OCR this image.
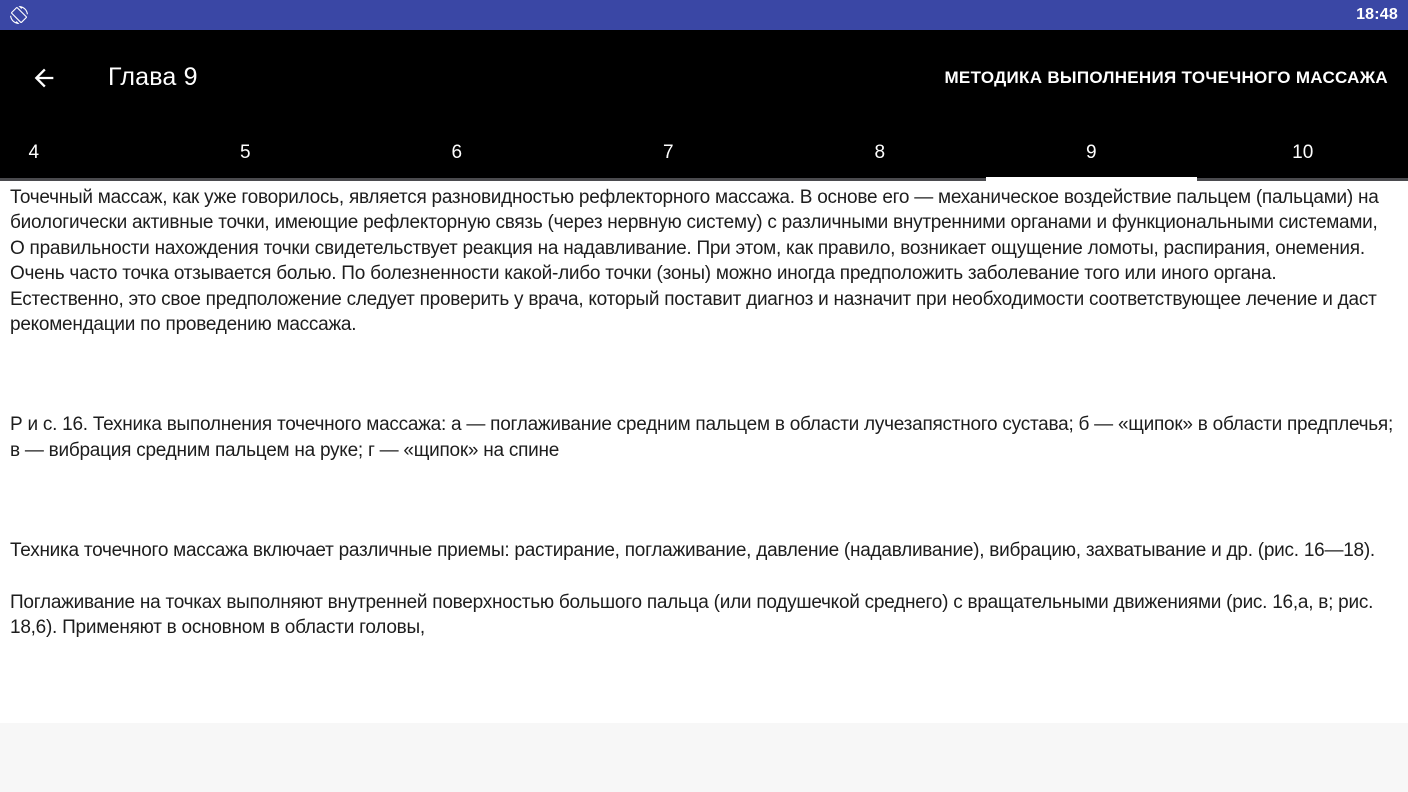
18:48
Глава 9	МЕТОДИКА ВЫПОЛНЕНИЯ ТОЧЕЧНОГО МАССАЖА
4	5	6	7	8	9	10

Точечный массаж, как уже говорилось, является разновидностью рефлекторного массажа. В основе его — механическое воздействие пальцем (пальцами) на биологически активные точки, имеющие рефлекторную связь (через нервную систему) с различными внутренними органами и функциональными системами, О правильности нахождения точки свидетельствует реакция на надавливание. При этом, как правило, возникает ощущение ломоты, распирания, онемения. Очень часто точка отзывается болью. По болезненности какой-либо точки (зоны) можно иногда предположить заболевание того или иного органа. Естественно, это свое предположение следует проверить у врача, который поставит диагноз и назначит при необходимости соответствующее лечение и даст рекомендации по проведению массажа.

Р и с. 16. Техника выполнения точечного массажа: а — поглаживание средним пальцем в области лучезапястного сустава; б — «щипок» в области предплечья; в — вибрация средним пальцем на руке; г — «щипок» на спине

Техника точечного массажа включает различные приемы: растирание, поглаживание, давление (надавливание), вибрацию, захватывание и др. (рис. 16—18).

Поглаживание на точках выполняют внутренней поверхностью большого пальца (или подушечкой среднего) с вращательными движениями (рис. 16,а, в; рис. 18,6). Применяют в основном в области головы,
